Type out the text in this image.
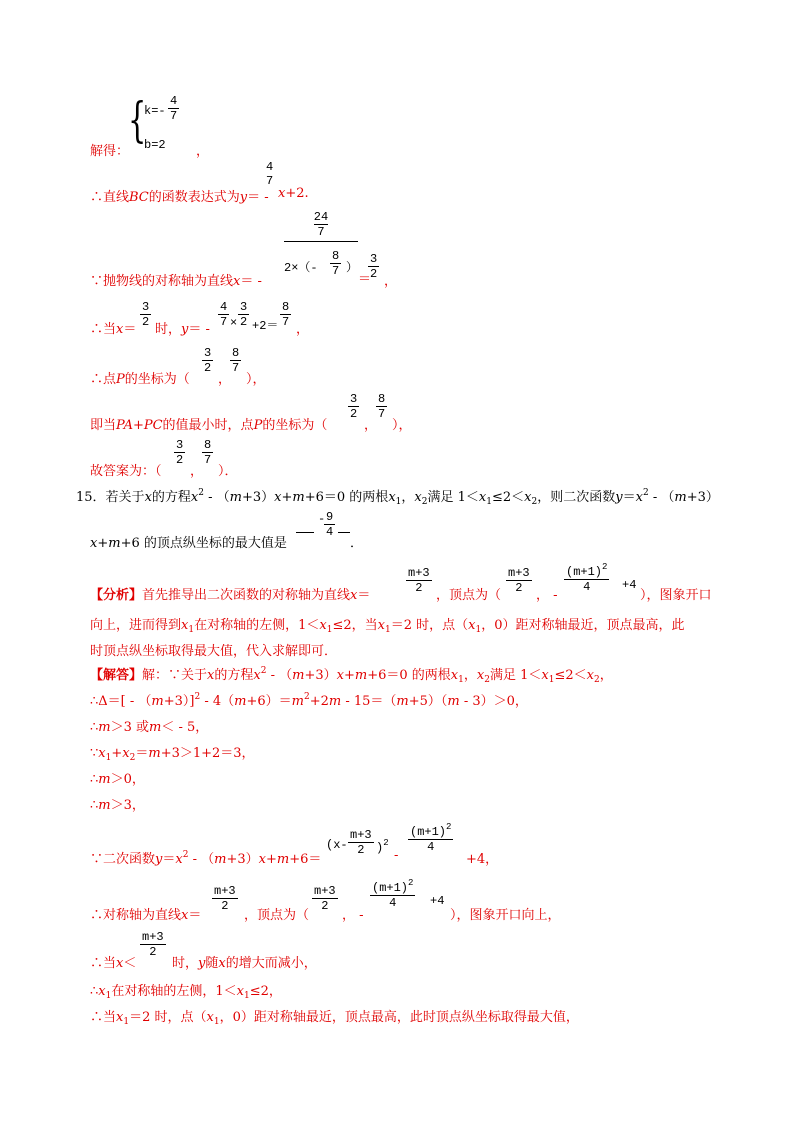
{
k=-
4
7
解得： b=2 ，
∴直线BC的函数表达式为y＝ -
4
7
x+2.
∵抛物线的对称轴为直线x＝ -
24
7
2×（-
8
7 ）
＝
3
2 ，
∴当x＝
3
2 时，y＝ -
4
7 ×
3
2 +2＝
8
7 ，
∴点P的坐标为（
3
2
，
8
7
），
即当PA+PC的值最小时，点P的坐标为（
3
2
，
8
7
），
故答案为：（
3
2
，
8
7
）．
15．若关于x的方程$x^2 - (m+3)x+m+6=0$ 的两根$x_1$，$x_2$满足 $1<x_1\le 2<x_2$，则二次函数$y=x^2 - (m+3)$
x+m+6 的顶点纵坐标的最大值是
- 9
4
．
【分析】首先推导出二次函数的对称轴为直线x＝
m+3
2	，顶点为（
m+3
2	， -
$(m+1)^2$
4	+4
），图象开口
向上，进而得到$x_1$在对称轴的左侧，$1<x_1\le 2$，当$x_1=2$ 时，点（$x_1$，0）距对称轴最近，顶点最高，此
时顶点纵坐标取得最大值，代入求解即可．
【解答】解：∵关于x的方程$x^2 - (m+3)x+m+6=0$ 的两根$x_1$，$x_2$满足 $1<x_1\le 2<x_2$，
∴Δ＝[ - $(m+3)]^2 - 4(m+6)=m^2+2m - 15=(m+5)(m - 3)>0$，
∴m＞3 或m＜ - 5，
$\because x_1+x_2=m+3>1+2=3$，
∴m＞0，
∴m＞3，
∵二次函数$y=x^2 - (m+3)x+m+6=$
(x-
m+3
2 )$^2$
-
$(m+1)^2$
4
+4，
∴对称轴为直线x＝
m+3
2
，顶点为（
m+3
2
， -
$(m+1)^2$
4	+4
），图象开口向上，
∴当x＜
m+3
2
时，y随x的增大而减小，
$\therefore x_1$在对称轴的左侧，$1<x_1\le 2$，
∴当$x_1=2$ 时，点（$x_1$，0）距对称轴最近，顶点最高，此时顶点纵坐标取得最大值，
